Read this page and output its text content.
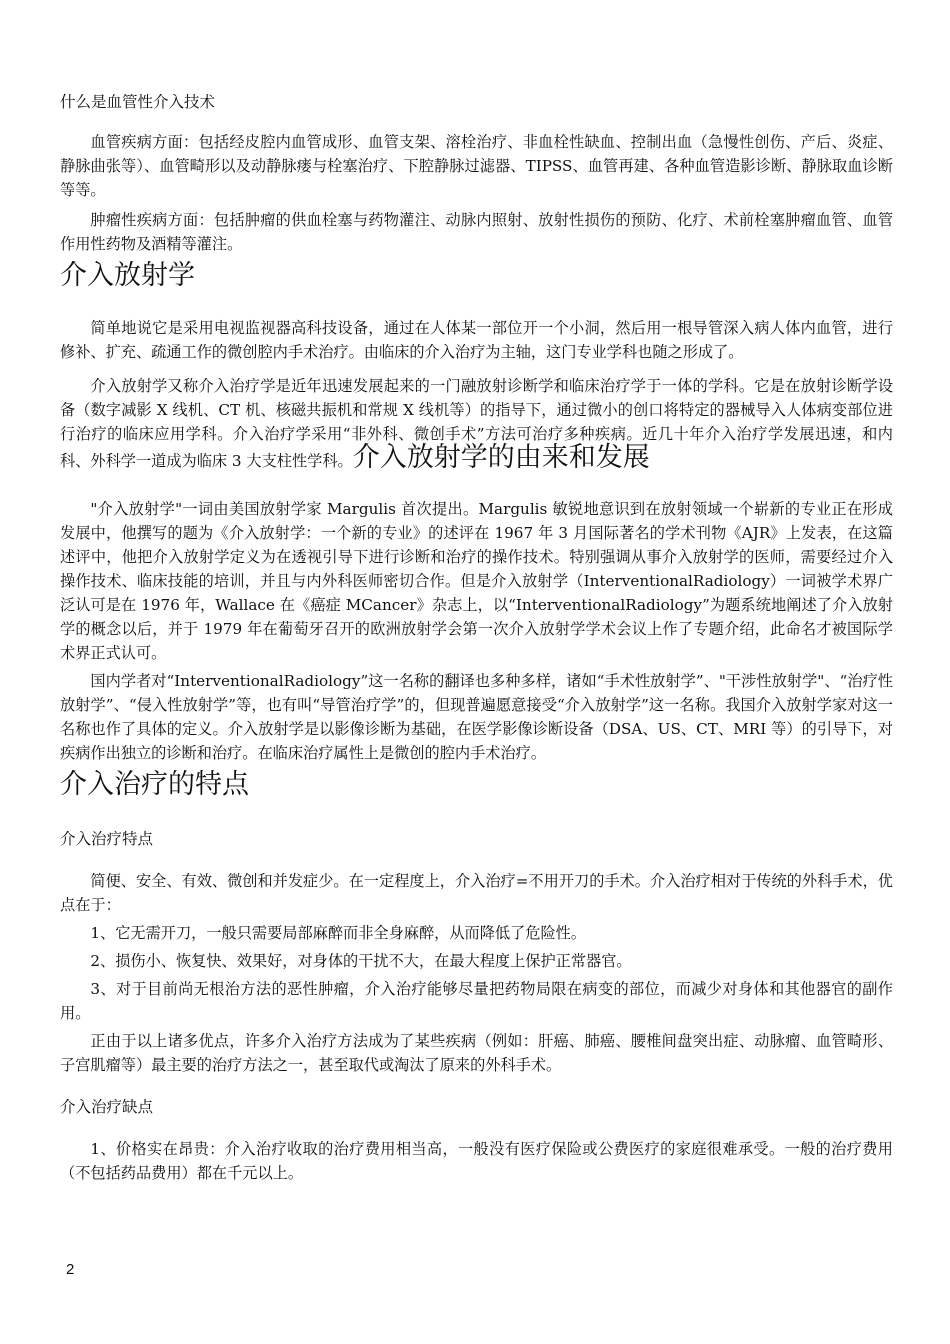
什么是血管性介入技术

血管疾病方面：包括经皮腔内血管成形、血管支架、溶栓治疗、非血栓性缺血、控制出血（急慢性创伤、产后、炎症、静脉曲张等）、血管畸形以及动静脉瘘与栓塞治疗、下腔静脉过滤器、TIPSS、血管再建、各种血管造影诊断、静脉取血诊断等等。

肿瘤性疾病方面：包括肿瘤的供血栓塞与药物灌注、动脉内照射、放射性损伤的预防、化疗、术前栓塞肿瘤血管、血管作用性药物及酒精等灌注。

介入放射学

简单地说它是采用电视监视器高科技设备，通过在人体某一部位开一个小洞，然后用一根导管深入病人体内血管，进行修补、扩充、疏通工作的微创腔内手术治疗。由临床的介入治疗为主轴，这门专业学科也随之形成了。

介入放射学又称介入治疗学是近年迅速发展起来的一门融放射诊断学和临床治疗学于一体的学科。它是在放射诊断学设备（数字减影 X 线机、CT 机、核磁共振机和常规 X 线机等）的指导下，通过微小的创口将特定的器械导入人体病变部位进行治疗的临床应用学科。介入治疗学采用“非外科、微创手术”方法可治疗多种疾病。近几十年介入治疗学发展迅速，和内科、外科学一道成为临床 3 大支柱性学科。介入放射学的由来和发展

"介入放射学"一词由美国放射学家 Margulis 首次提出。Margulis 敏锐地意识到在放射领域一个崭新的专业正在形成发展中，他撰写的题为《介入放射学：一个新的专业》的述评在 1967 年 3 月国际著名的学术刊物《AJR》上发表，在这篇述评中，他把介入放射学定义为在透视引导下进行诊断和治疗的操作技术。特别强调从事介入放射学的医师，需要经过介入操作技术、临床技能的培训，并且与内外科医师密切合作。但是介入放射学（InterventionalRadiology）一词被学术界广泛认可是在 1976 年，Wallace 在《癌症 MCancer》杂志上，以“InterventionalRadiology”为题系统地阐述了介入放射学的概念以后，并于 1979 年在葡萄牙召开的欧洲放射学会第一次介入放射学学术会议上作了专题介绍，此命名才被国际学术界正式认可。

国内学者对“InterventionalRadiology”这一名称的翻译也多种多样，诸如“手术性放射学”、"干涉性放射学"、“治疗性放射学”、“侵入性放射学”等，也有叫“导管治疗学”的，但现普遍愿意接受“介入放射学”这一名称。我国介入放射学家对这一名称也作了具体的定义。介入放射学是以影像诊断为基础，在医学影像诊断设备（DSA、US、CT、MRI 等）的引导下，对疾病作出独立的诊断和治疗。在临床治疗属性上是微创的腔内手术治疗。

介入治疗的特点
介入治疗特点

简便、安全、有效、微创和并发症少。在一定程度上，介入治疗=不用开刀的手术。介入治疗相对于传统的外科手术，优点在于：

1、它无需开刀，一般只需要局部麻醉而非全身麻醉，从而降低了危险性。

2、损伤小、恢复快、效果好，对身体的干扰不大，在最大程度上保护正常器官。

3、对于目前尚无根治方法的恶性肿瘤，介入治疗能够尽量把药物局限在病变的部位，而减少对身体和其他器官的副作用。

正由于以上诸多优点，许多介入治疗方法成为了某些疾病（例如：肝癌、肺癌、腰椎间盘突出症、动脉瘤、血管畸形、子宫肌瘤等）最主要的治疗方法之一，甚至取代或淘汰了原来的外科手术。

介入治疗缺点

1、价格实在昂贵：介入治疗收取的治疗费用相当高，一般没有医疗保险或公费医疗的家庭很难承受。一般的治疗费用（不包括药品费用）都在千元以上。

2
